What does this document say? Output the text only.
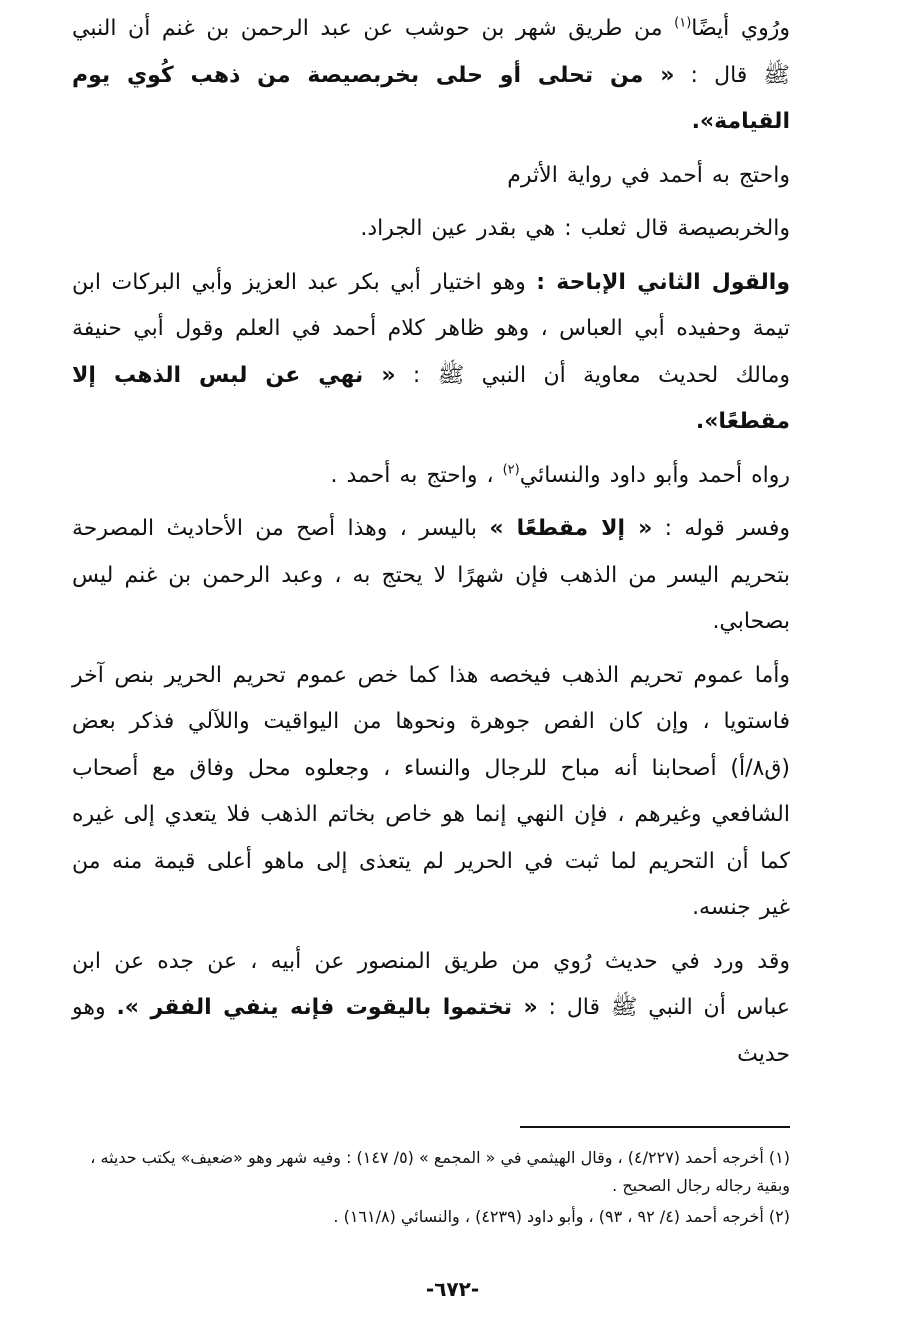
ورُوي أيضًا$^{(١)}$ من طريق شهر بن حوشب عن عبد الرحمن بن غنم أن النبي ﷺ قال : « من تحلى أو حلى بخربصيصة من ذهب كُوي يوم القيامة».

واحتج به أحمد في رواية الأثرم

والخربصيصة قال ثعلب : هي بقدر عين الجراد.

والقول الثاني الإباحة : وهو اختيار أبي بكر عبد العزيز وأبي البركات ابن تيمة وحفيده أبي العباس ، وهو ظاهر كلام أحمد في العلم وقول أبي حنيفة ومالك لحديث معاوية أن النبي ﷺ : « نهي عن لبس الذهب إلا مقطعًا».

رواه أحمد وأبو داود والنسائي$^{(٢)}$ ، واحتج به أحمد .

وفسر قوله : « إلا مقطعًا » باليسر ، وهذا أصح من الأحاديث المصرحة بتحريم اليسر من الذهب فإن شهرًا لا يحتج به ، وعبد الرحمن بن غنم ليس بصحابي.

وأما عموم تحريم الذهب فيخصه هذا كما خص عموم تحريم الحرير بنص آخر فاستويا ، وإن كان الفص جوهرة ونحوها من اليواقيت واللآلي فذكر بعض (ق٨/أ) أصحابنا أنه مباح للرجال والنساء ، وجعلوه محل وفاق مع أصحاب الشافعي وغيرهم ، فإن النهي إنما هو خاص بخاتم الذهب فلا يتعدي إلى غيره كما أن التحريم لما ثبت في الحرير لم يتعذى إلى ماهو أعلى قيمة منه من غير جنسه.

وقد ورد في حديث رُوي من طريق المنصور عن أبيه ، عن جده عن ابن عباس أن النبي ﷺ قال : « تختموا باليقوت فإنه ينفي الفقر ». وهو حديث

(١) أخرجه أحمد (٤/٢٢٧) ، وقال الهيثمي في « المجمع » (٥/ ١٤٧) : وفيه شهر وهو «ضعيف» يكتب حديثه ، وبقية رجاله رجال الصحيح .

(٢) أخرجه أحمد (٤/ ٩٢ ، ٩٣) ، وأبو داود (٤٢٣٩) ، والنسائي (١٦١/٨) .

-٦٧٢-
